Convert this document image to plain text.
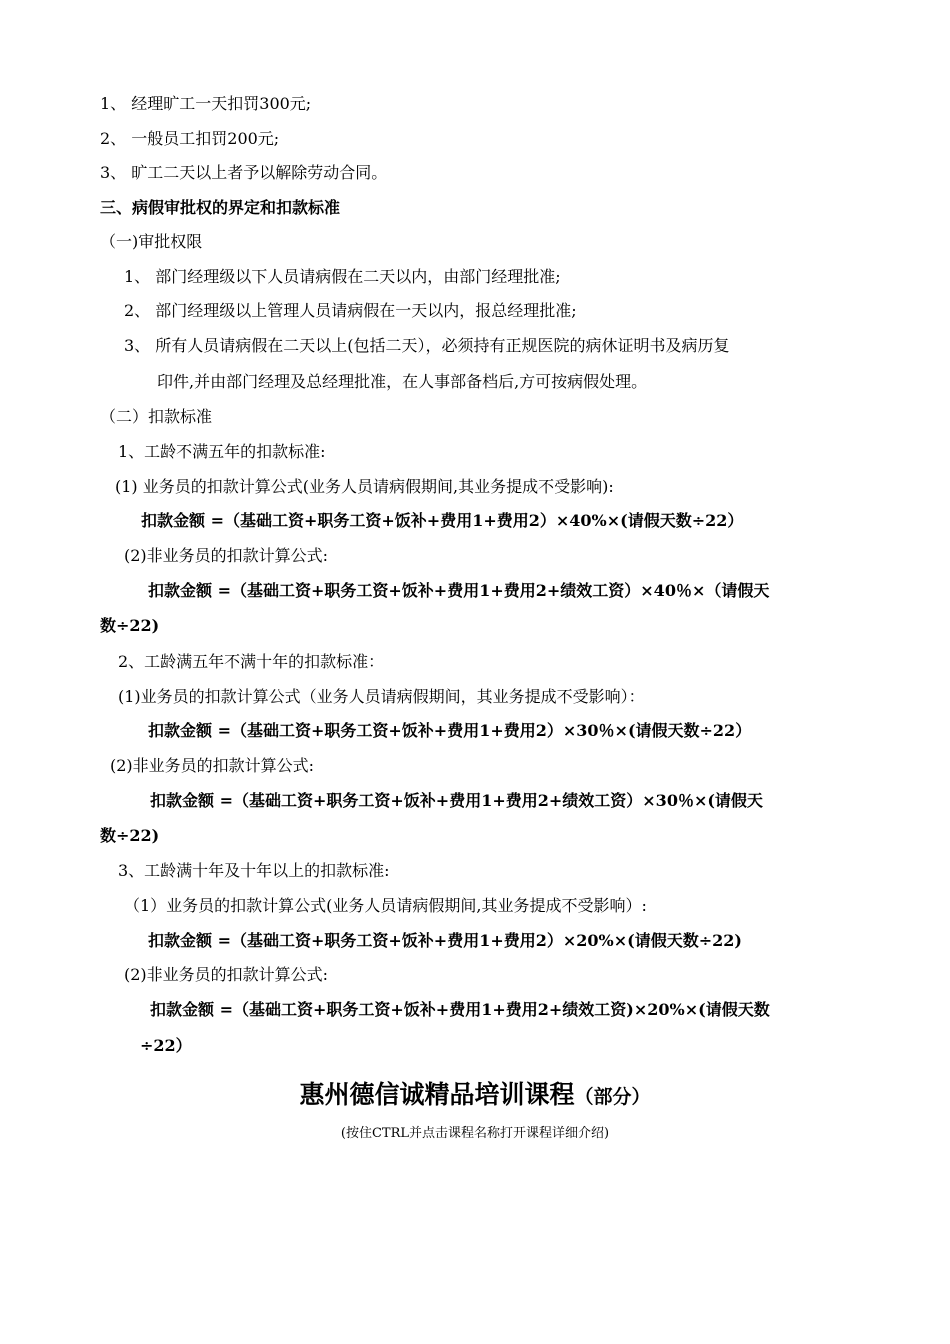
1、 经理旷工一天扣罚300元;
2、 一般员工扣罚200元;
3、 旷工二天以上者予以解除劳动合同。
三、病假审批权的界定和扣款标准
（一)审批权限
1、 部门经理级以下人员请病假在二天以内，由部门经理批准;
2、 部门经理级以上管理人员请病假在一天以内，报总经理批准;
3、 所有人员请病假在二天以上(包括二天），必须持有正规医院的病休证明书及病历复
印件,并由部门经理及总经理批准，在人事部备档后,方可按病假处理。
（二）扣款标准
1、工龄不满五年的扣款标准:
(1) 业务员的扣款计算公式(业务人员请病假期间,其业务提成不受影响):
扣款金额 =（基础工资+职务工资+饭补+费用1+费用2）×40%×(请假天数÷22）
(2)非业务员的扣款计算公式:
扣款金额 =（基础工资+职务工资+饭补+费用1+费用2+绩效工资）×40％×（请假天
数÷22)
2、工龄满五年不满十年的扣款标准：
(1)业务员的扣款计算公式（业务人员请病假期间，其业务提成不受影响）：
扣款金额 =（基础工资+职务工资+饭补+费用1+费用2）×30％×(请假天数÷22）
(2)非业务员的扣款计算公式:
扣款金额 =（基础工资+职务工资+饭补+费用1+费用2+绩效工资）×30％×(请假天
数÷22)
3、工龄满十年及十年以上的扣款标准:
（1）业务员的扣款计算公式(业务人员请病假期间,其业务提成不受影响）:
扣款金额 =（基础工资+职务工资+饭补+费用1+费用2）×20%×(请假天数÷22)
(2)非业务员的扣款计算公式:
扣款金额 =（基础工资+职务工资+饭补+费用1+费用2+绩效工资)×20%×(请假天数
÷22）
惠州德信诚精品培训课程（部分）
(按住CTRL并点击课程名称打开课程详细介绍)
